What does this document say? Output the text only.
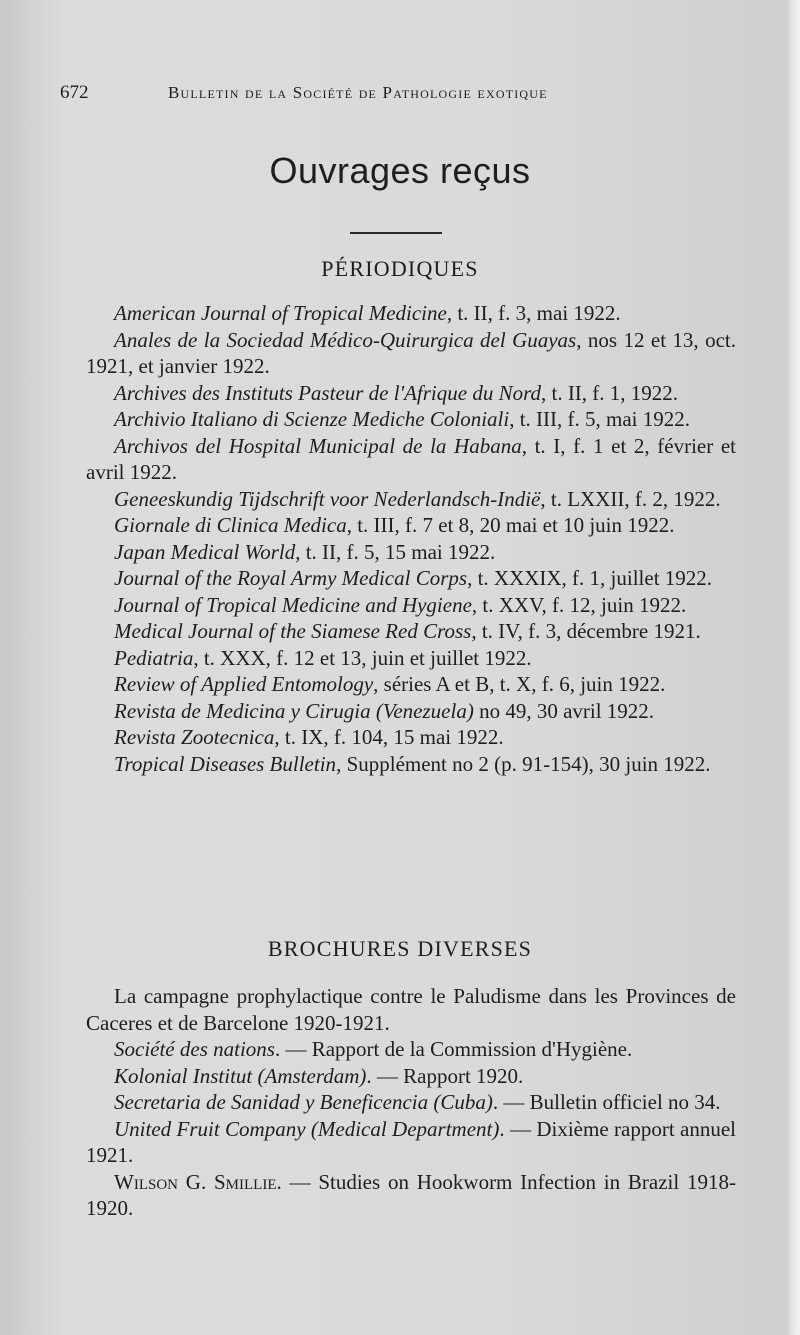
672	Bulletin de la Société de Pathologie exotique
Ouvrages reçus
PÉRIODIQUES
American Journal of Tropical Medicine, t. II, f. 3, mai 1922.
Anales de la Sociedad Médico-Quirurgica del Guayas, nos 12 et 13, oct. 1921, et janvier 1922.
Archives des Instituts Pasteur de l'Afrique du Nord, t. II, f. 1, 1922.
Archivio Italiano di Scienze Mediche Coloniali, t. III, f. 5, mai 1922.
Archivos del Hospital Municipal de la Habana, t. I, f. 1 et 2, février et avril 1922.
Geneeskundig Tijdschrift voor Nederlandsch-Indië, t. LXXII, f. 2, 1922.
Giornale di Clinica Medica, t. III, f. 7 et 8, 20 mai et 10 juin 1922.
Japan Medical World, t. II, f. 5, 15 mai 1922.
Journal of the Royal Army Medical Corps, t. XXXIX, f. 1, juillet 1922.
Journal of Tropical Medicine and Hygiene, t. XXV, f. 12, juin 1922.
Medical Journal of the Siamese Red Cross, t. IV, f. 3, décembre 1921.
Pediatria, t. XXX, f. 12 et 13, juin et juillet 1922.
Review of Applied Entomology, séries A et B, t. X, f. 6, juin 1922.
Revista de Medicina y Cirugia (Venezuela) no 49, 30 avril 1922.
Revista Zootecnica, t. IX, f. 104, 15 mai 1922.
Tropical Diseases Bulletin, Supplément no 2 (p. 91-154), 30 juin 1922.
BROCHURES DIVERSES
La campagne prophylactique contre le Paludisme dans les Provinces de Caceres et de Barcelone 1920-1921.
Société des nations. — Rapport de la Commission d'Hygiène.
Kolonial Institut (Amsterdam). — Rapport 1920.
Secretaria de Sanidad y Beneficencia (Cuba). — Bulletin officiel no 34.
United Fruit Company (Medical Department). — Dixième rapport annuel 1921.
Wilson G. Smillie. — Studies on Hookworm Infection in Brazil 1918-1920.
